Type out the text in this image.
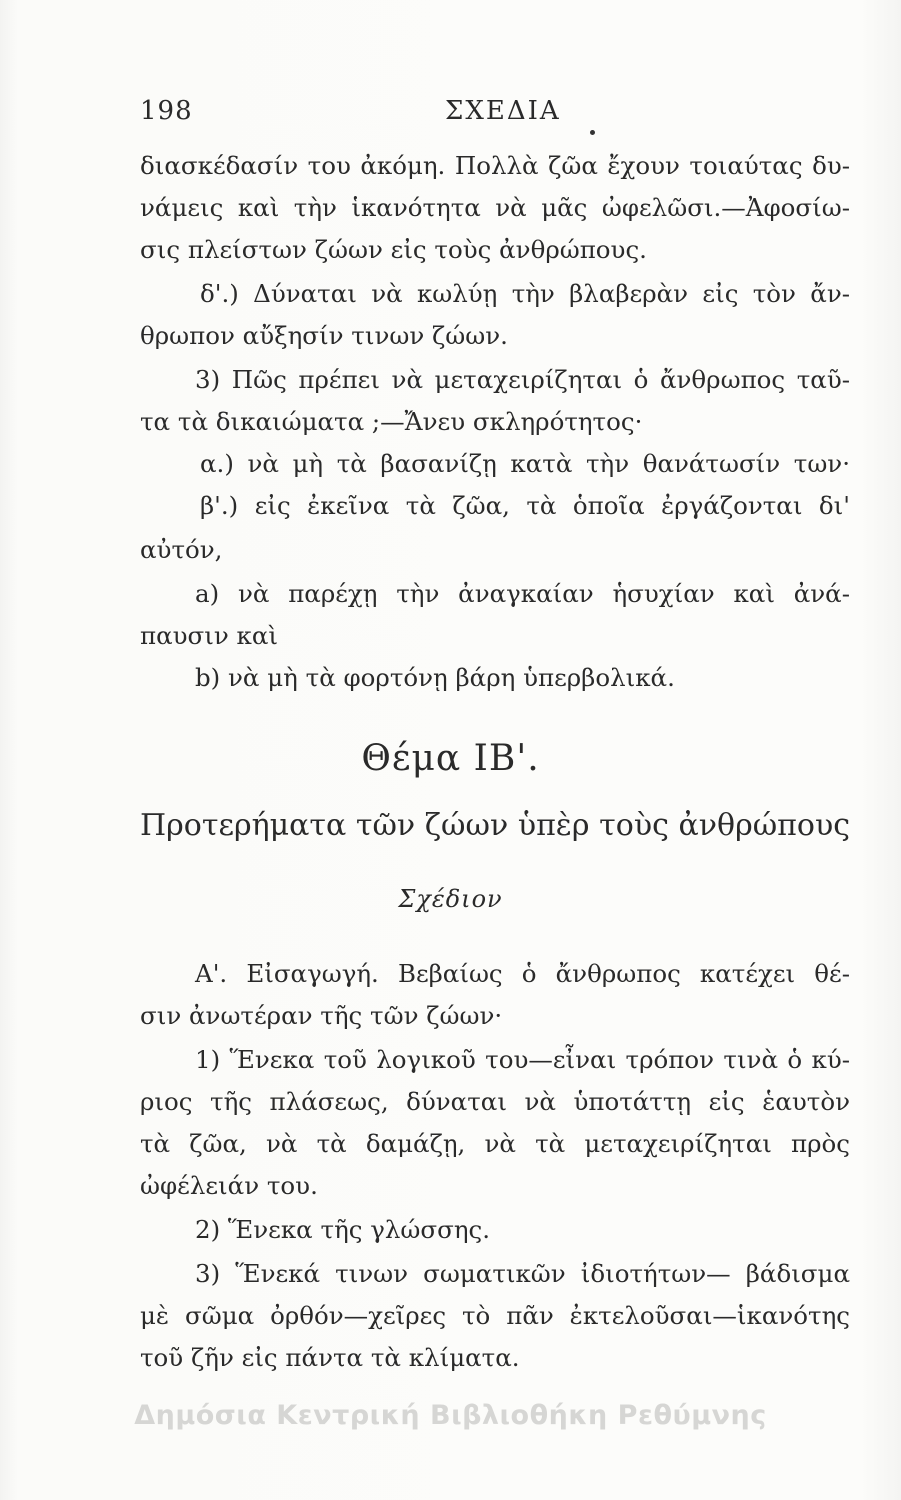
198	ΣΧΕΔΙΑ
διασκέδασίν του ἀκόμη. Πολλὰ ζῶα ἔχουν τοιαύτας δυ-
νάμεις καὶ τὴν ἱκανότητα νὰ μᾶς ὠφελῶσι.—Ἀφοσίω-
σις πλείστων ζώων εἰς τοὺς ἀνθρώπους.
δ'.) Δύναται νὰ κωλύῃ τὴν βλαβερὰν εἰς τὸν ἄν-
θρωπον αὔξησίν τινων ζώων.
3) Πῶς πρέπει νὰ μεταχειρίζηται ὁ ἄνθρωπος ταῦ-
τα τὰ δικαιώματα ;—Ἄνευ σκληρότητος·
α.) νὰ μὴ τὰ βασανίζῃ κατὰ τὴν θανάτωσίν των·
β'.) εἰς ἐκεῖνα τὰ ζῶα, τὰ ὁποῖα ἐργάζονται δι'
αὐτόν,
a) νὰ παρέχῃ τὴν ἀναγκαίαν ἡσυχίαν καὶ ἀνά-
παυσιν καὶ
b) νὰ μὴ τὰ φορτόνῃ βάρη ὑπερβολικά.
Θέμα ΙΒ'.
Προτερήματα τῶν ζώων ὑπὲρ τοὺς ἀνθρώπους
Σχέδιον
Α'. Εἰσαγωγή. Βεβαίως ὁ ἄνθρωπος κατέχει θέ-
σιν ἀνωτέραν τῆς τῶν ζώων·
1) Ἕνεκα τοῦ λογικοῦ του—εἶναι τρόπον τινὰ ὁ κύ-
ριος τῆς πλάσεως, δύναται νὰ ὑποτάττῃ εἰς ἑαυτὸν
τὰ ζῶα, νὰ τὰ δαμάζῃ, νὰ τὰ μεταχειρίζηται πρὸς
ὠφέλειάν του.
2) Ἕνεκα τῆς γλώσσης.
3) Ἕνεκά τινων σωματικῶν ἰδιοτήτων— βάδισμα
μὲ σῶμα ὀρθόν—χεῖρες τὸ πᾶν ἐκτελοῦσαι—ἱκανότης
τοῦ ζῆν εἰς πάντα τὰ κλίματα.
Δημόσια Κεντρική Βιβλιοθήκη Ρεθύμνης
